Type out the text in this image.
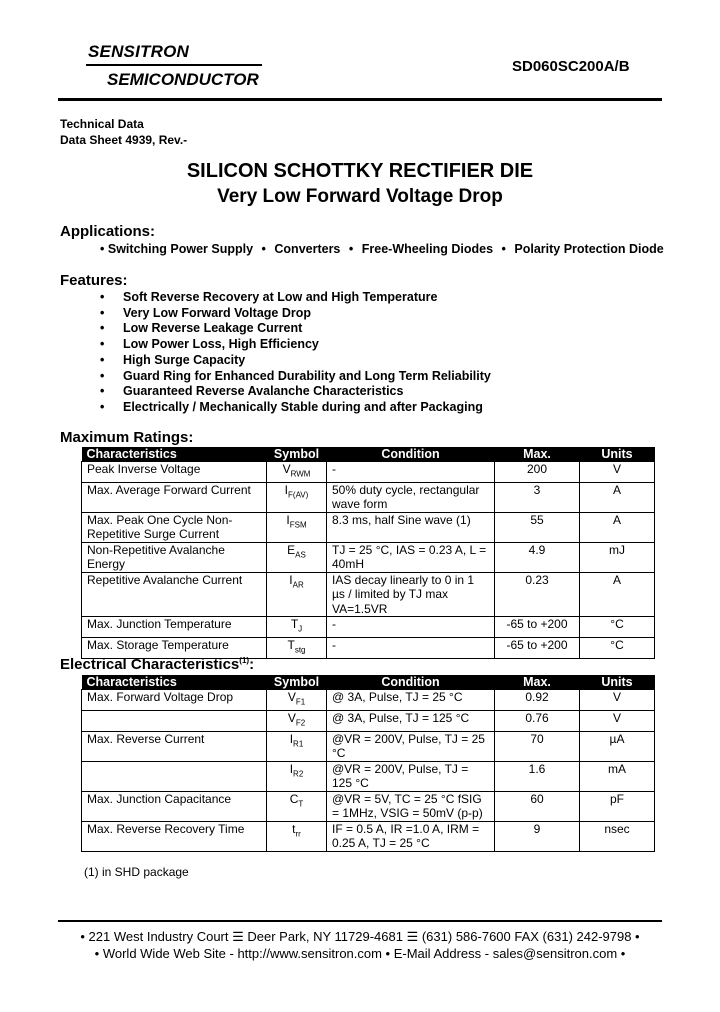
SENSITRON
SEMICONDUCTOR
SD060SC200A/B
Technical Data
Data Sheet 4939, Rev.-
SILICON SCHOTTKY RECTIFIER DIE
Very Low Forward Voltage Drop
Applications:
• Switching Power Supply • Converters • Free-Wheeling Diodes • Polarity Protection Diode
Features:
• Soft Reverse Recovery at Low and High Temperature
• Very Low Forward Voltage Drop
• Low Reverse Leakage Current
• Low Power Loss, High Efficiency
• High Surge Capacity
• Guard Ring for Enhanced Durability and Long Term Reliability
• Guaranteed Reverse Avalanche Characteristics
• Electrically / Mechanically Stable during and after Packaging
Maximum Ratings:
Characteristics	Symbol	Condition	Max.	Units
Peak Inverse Voltage	$V_{RWM}$	-	200	V
Max. Average Forward Current	$I_{F(AV)}$	50% duty cycle, rectangular wave form	3	A
Max. Peak One Cycle Non-Repetitive Surge Current	$I_{FSM}$	8.3 ms, half Sine wave (1)	55	A
Non-Repetitive Avalanche Energy	$E_{AS}$	TJ = 25 °C, IAS = 0.23 A, L = 40mH	4.9	mJ
Repetitive Avalanche Current	$I_{AR}$	IAS decay linearly to 0 in 1 µs / limited by TJ max VA=1.5VR	0.23	A
Max. Junction Temperature	$T_J$	-	-65 to +200	°C
Max. Storage Temperature	$T_{stg}$	-	-65 to +200	°C
Electrical Characteristics$^{(1)}$:
Characteristics	Symbol	Condition	Max.	Units
Max. Forward Voltage Drop	$V_{F1}$	@ 3A, Pulse, TJ = 25 °C	0.92	V
	$V_{F2}$	@ 3A, Pulse, TJ = 125 °C	0.76	V
Max. Reverse Current	$I_{R1}$	@VR = 200V, Pulse, TJ = 25 °C	70	µA
	$I_{R2}$	@VR = 200V, Pulse, TJ = 125 °C	1.6	mA
Max. Junction Capacitance	$C_T$	@VR = 5V, TC = 25 °C fSIG = 1MHz, VSIG = 50mV (p-p)	60	pF
Max. Reverse Recovery Time	$t_{rr}$	IF = 0.5 A, IR =1.0 A, IRM = 0.25 A, TJ = 25 °C	9	nsec
(1) in SHD package
• 221 West Industry Court ☰ Deer Park, NY 11729-4681 ☰ (631) 586-7600 FAX (631) 242-9798 •
• World Wide Web Site - http://www.sensitron.com • E-Mail Address - sales@sensitron.com •
